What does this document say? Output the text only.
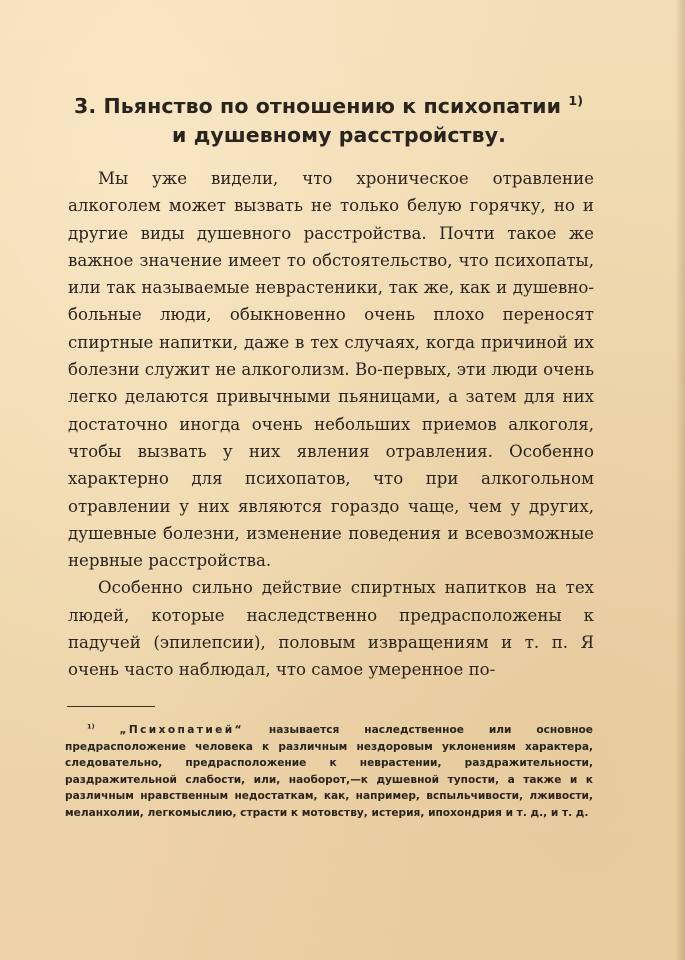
3. Пьянство по отношению к психопатии $^{1)}$
и душевному расстройству.

Мы уже видели, что хроническое отравление алкоголем может вызвать не только белую горячку, но и другие виды душевного расстройства. Почти такое же важное значение имеет то обстоятельство, что психопаты, или так называемые неврастеники, так же, как и душевно-больные люди, обыкновенно очень плохо переносят спиртные напитки, даже в тех случаях, когда причиной их болезни служит не алкоголизм. Во-первых, эти люди очень легко делаются привычными пьяницами, а затем для них достаточно иногда очень небольших приемов алкоголя, чтобы вызвать у них явления отравления. Особенно характерно для психопатов, что при алкогольном отравлении у них являются гораздо чаще, чем у других, душевные болезни, изменение поведения и всевозможные нервные расстройства.

Особенно сильно действие спиртных напитков на тех людей, которые наследственно предрасположены к падучей (эпилепсии), половым извращениям и т. п. Я очень часто наблюдал, что самое умеренное по-

$^{1)}$ „Психопатией“ называется наследственное или основное предрасположение человека к различным нездоровым уклонениям характера, следовательно, предрасположение к неврастении, раздражительности, раздражительной слабости, или, наоборот,—к душевной тупости, а также и к различным нравственным недостаткам, как, например, вспыльчивости, лживости, меланхолии, легкомыслию, страсти к мотовству, истерия, ипохондрия и т. д., и т. д.
